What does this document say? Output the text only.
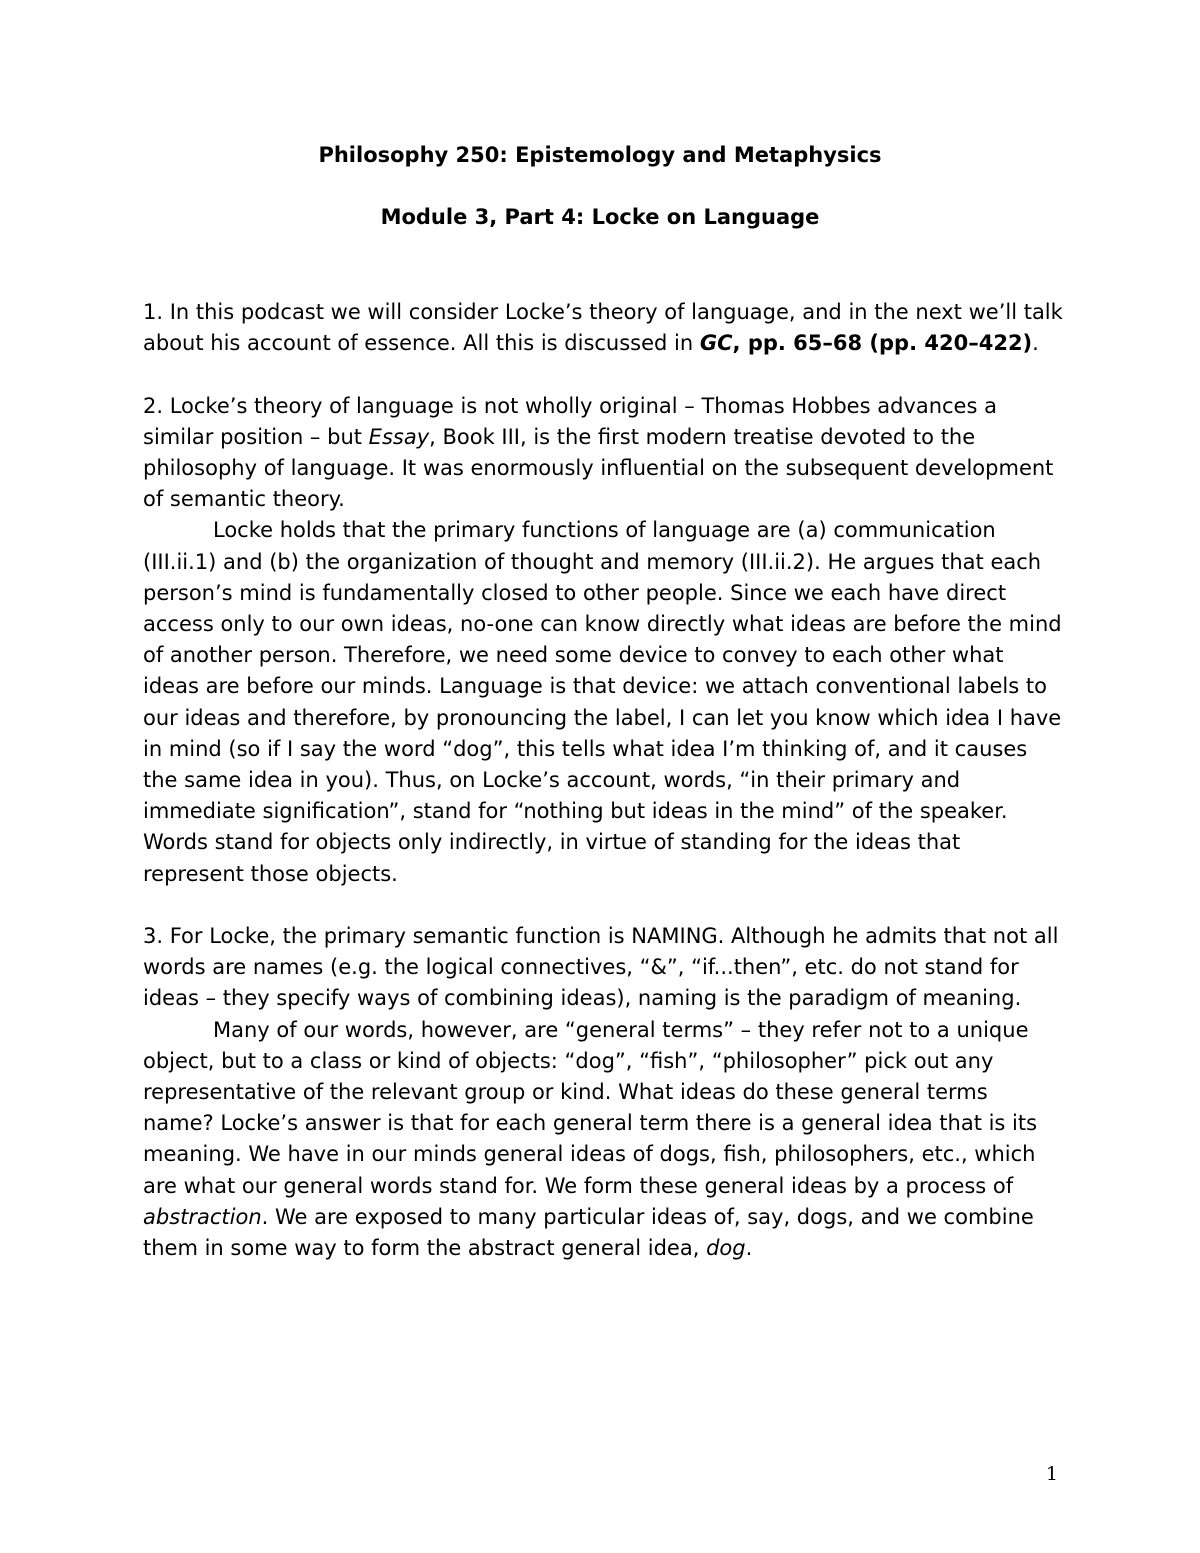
Philosophy 250: Epistemology and Metaphysics
Module 3, Part 4: Locke on Language

1. In this podcast we will consider Locke’s theory of language, and in the next we’ll talk about his account of essence. All this is discussed in GC, pp. 65–68 (pp. 420–422).

2. Locke’s theory of language is not wholly original – Thomas Hobbes advances a similar position – but Essay, Book III, is the first modern treatise devoted to the philosophy of language. It was enormously influential on the subsequent development of semantic theory.

Locke holds that the primary functions of language are (a) communication (III.ii.1) and (b) the organization of thought and memory (III.ii.2). He argues that each person’s mind is fundamentally closed to other people. Since we each have direct access only to our own ideas, no-one can know directly what ideas are before the mind of another person. Therefore, we need some device to convey to each other what ideas are before our minds. Language is that device: we attach conventional labels to our ideas and therefore, by pronouncing the label, I can let you know which idea I have in mind (so if I say the word “dog”, this tells what idea I’m thinking of, and it causes the same idea in you). Thus, on Locke’s account, words, “in their primary and immediate signification”, stand for “nothing but ideas in the mind” of the speaker. Words stand for objects only indirectly, in virtue of standing for the ideas that represent those objects.

3. For Locke, the primary semantic function is NAMING. Although he admits that not all words are names (e.g. the logical connectives, “&”, “if...then”, etc. do not stand for ideas – they specify ways of combining ideas), naming is the paradigm of meaning.

Many of our words, however, are “general terms” – they refer not to a unique object, but to a class or kind of objects: “dog”, “fish”, “philosopher” pick out any representative of the relevant group or kind. What ideas do these general terms name? Locke’s answer is that for each general term there is a general idea that is its meaning. We have in our minds general ideas of dogs, fish, philosophers, etc., which are what our general words stand for. We form these general ideas by a process of abstraction. We are exposed to many particular ideas of, say, dogs, and we combine them in some way to form the abstract general idea, dog.

1
